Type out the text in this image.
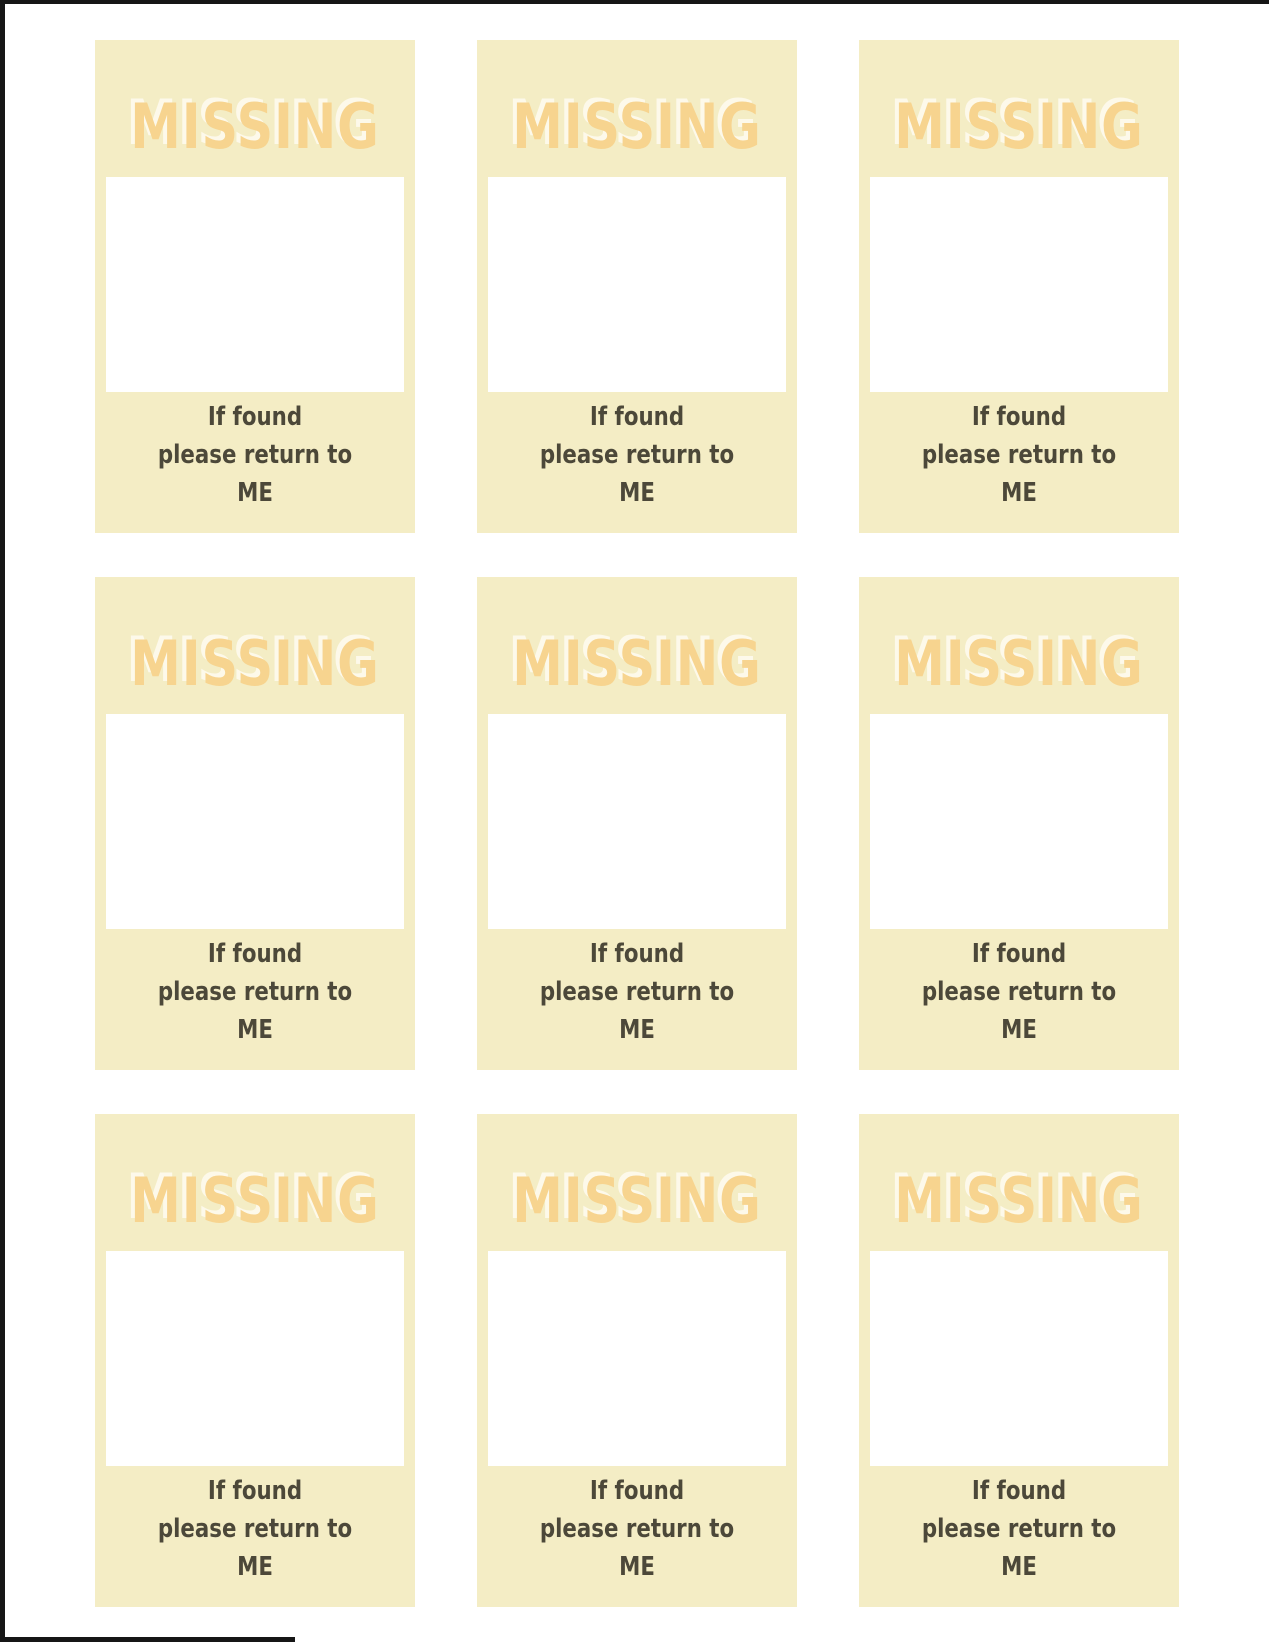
MISSING
If found
please return to
ME
MISSING
If found
please return to
ME
MISSING
If found
please return to
ME
MISSING
If found
please return to
ME
MISSING
If found
please return to
ME
MISSING
If found
please return to
ME
MISSING
If found
please return to
ME
MISSING
If found
please return to
ME
MISSING
If found
please return to
ME
